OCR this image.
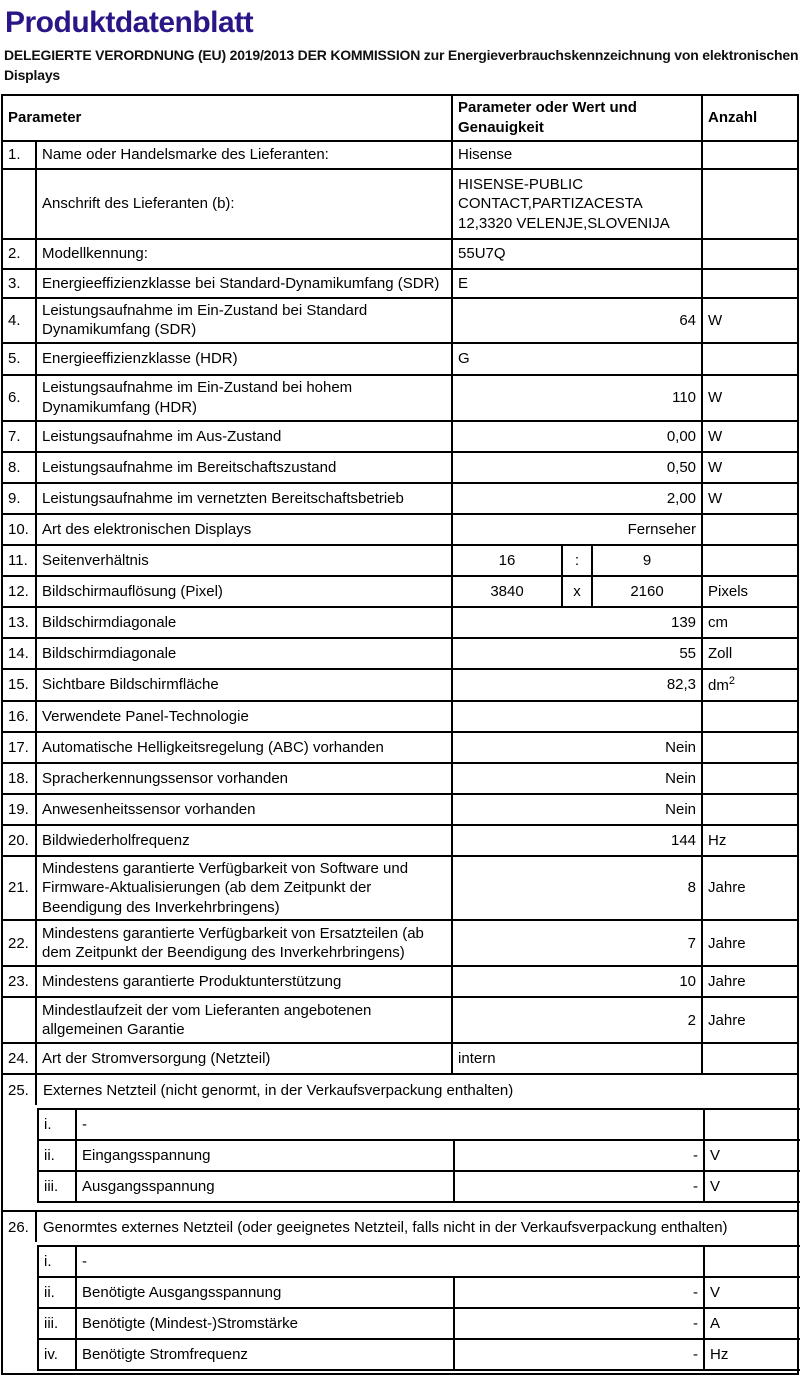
Produktdatenblatt
DELEGIERTE VERORDNUNG (EU) 2019/2013 DER KOMMISSION zur Energieverbrauchskennzeichnung von elektronischen Displays
Parameter		Parameter oder Wert und Genauigkeit			Anzahl
1.	Name oder Handelsmarke des Lieferanten:	Hisense			
	Anschrift des Lieferanten (b):	HISENSE-PUBLIC CONTACT,PARTIZACESTA 12,3320 VELENJE,SLOVENIJA			
2.	Modellkennung:	55U7Q			
3.	Energieeffizienzklasse bei Standard-Dynamikumfang (SDR)	E			
4.	Leistungsaufnahme im Ein-Zustand bei Standard Dynamikumfang (SDR)	64			W
5.	Energieeffizienzklasse (HDR)	G			
6.	Leistungsaufnahme im Ein-Zustand bei hohem Dynamikumfang (HDR)	110			W
7.	Leistungsaufnahme im Aus-Zustand	0,00			W
8.	Leistungsaufnahme im Bereitschaftszustand	0,50			W
9.	Leistungsaufnahme im vernetzten Bereitschaftsbetrieb	2,00			W
10.	Art des elektronischen Displays	Fernseher			
11.	Seitenverhältnis	16	:	9	
12.	Bildschirmauflösung (Pixel)	3840	x	2160	Pixels
13.	Bildschirmdiagonale	139			cm
14.	Bildschirmdiagonale	55			Zoll
15.	Sichtbare Bildschirmfläche	82,3			$dm^2$
16.	Verwendete Panel-Technologie				
17.	Automatische Helligkeitsregelung (ABC) vorhanden	Nein			
18.	Spracherkennungssensor vorhanden	Nein			
19.	Anwesenheitssensor vorhanden	Nein			
20.	Bildwiederholfrequenz	144			Hz
21.	Mindestens garantierte Verfügbarkeit von Software und Firmware-Aktualisierungen (ab dem Zeitpunkt der Beendigung des Inverkehrbringens)	8			Jahre
22.	Mindestens garantierte Verfügbarkeit von Ersatzteilen (ab dem Zeitpunkt der Beendigung des Inverkehrbringens)	7			Jahre
23.	Mindestens garantierte Produktunterstützung	10			Jahre
	Mindestlaufzeit der vom Lieferanten angebotenen allgemeinen Garantie	2			Jahre
24.	Art der Stromversorgung (Netzteil)	intern			
25. Externes Netzteil (nicht genormt, in der Verkaufsverpackung enthalten)
i.	-		
ii.	Eingangsspannung	-	V
iii.	Ausgangsspannung	-	V
26. Genormtes externes Netzteil (oder geeignetes Netzteil, falls nicht in der Verkaufsverpackung enthalten)
i.	-		
ii.	Benötigte Ausgangsspannung	-	V
iii.	Benötigte (Mindest-)Stromstärke	-	A
iv.	Benötigte Stromfrequenz	-	Hz
